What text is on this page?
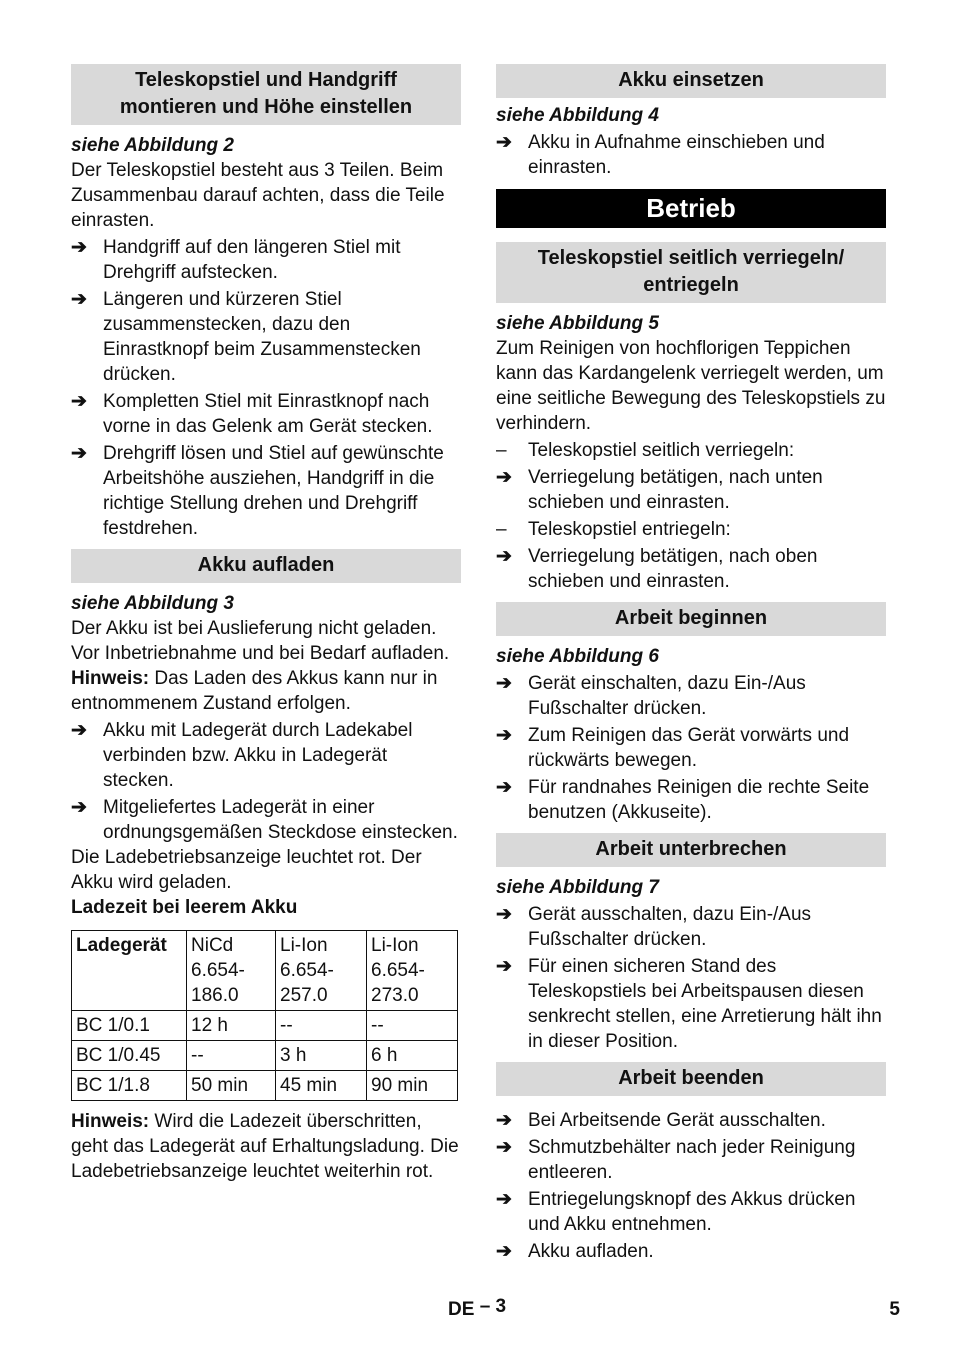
Teleskopstiel und Handgriff
montieren und Höhe einstellen
siehe Abbildung 2

Der Teleskopstiel besteht aus 3 Teilen. Beim Zusammenbau darauf achten, dass die Teile einrasten.

➔ Handgriff auf den längeren Stiel mit Drehgriff aufstecken.
➔ Längeren und kürzeren Stiel zusammenstecken, dazu den Einrastknopf beim Zusammenstecken drücken.
➔ Kompletten Stiel mit Einrastknopf nach vorne in das Gelenk am Gerät stecken.
➔ Drehgriff lösen und Stiel auf gewünschte Arbeitshöhe ausziehen, Handgriff in die richtige Stellung drehen und Drehgriff festdrehen.
Akku aufladen
siehe Abbildung 3

Der Akku ist bei Auslieferung nicht geladen. Vor Inbetriebnahme und bei Bedarf aufladen.

Hinweis: Das Laden des Akkus kann nur in entnommenem Zustand erfolgen.

➔ Akku mit Ladegerät durch Ladekabel verbinden bzw. Akku in Ladegerät stecken.
➔ Mitgeliefertes Ladegerät in einer ordnungsgemäßen Steckdose einstecken.

Die Ladebetriebsanzeige leuchtet rot. Der Akku wird geladen.

Ladezeit bei leerem Akku
Ladegerät	NiCd 6.654-186.0	Li-Ion 6.654-257.0	Li-Ion 6.654-273.0
BC 1/0.1	12 h	--	--
BC 1/0.45	--	3 h	6 h
BC 1/1.8	50 min	45 min	90 min

Hinweis: Wird die Ladezeit überschritten, geht das Ladegerät auf Erhaltungsladung. Die Ladebetriebsanzeige leuchtet weiterhin rot.

Akku einsetzen
siehe Abbildung 4
➔ Akku in Aufnahme einschieben und einrasten.
Betrieb
Teleskopstiel seitlich verriegeln/
entriegeln
siehe Abbildung 5

Zum Reinigen von hochflorigen Teppichen kann das Kardangelenk verriegelt werden, um eine seitliche Bewegung des Teleskopstiels zu verhindern.

–	Teleskopstiel seitlich verriegeln:
➔ Verriegelung betätigen, nach unten schieben und einrasten.
–	Teleskopstiel entriegeln:
➔ Verriegelung betätigen, nach oben schieben und einrasten.
Arbeit beginnen
siehe Abbildung 6
➔ Gerät einschalten, dazu Ein-/Aus Fußschalter drücken.
➔ Zum Reinigen das Gerät vorwärts und rückwärts bewegen.
➔ Für randnahes Reinigen die rechte Seite benutzen (Akkuseite).
Arbeit unterbrechen
siehe Abbildung 7
➔ Gerät ausschalten, dazu Ein-/Aus Fußschalter drücken.
➔ Für einen sicheren Stand des Teleskopstiels bei Arbeitspausen diesen senkrecht stellen, eine Arretierung hält ihn in dieser Position.
Arbeit beenden
➔ Bei Arbeitsende Gerät ausschalten.
➔ Schmutzbehälter nach jeder Reinigung entleeren.
➔ Entriegelungsknopf des Akkus drücken und Akku entnehmen.
➔ Akku aufladen.
DE – 3	5
